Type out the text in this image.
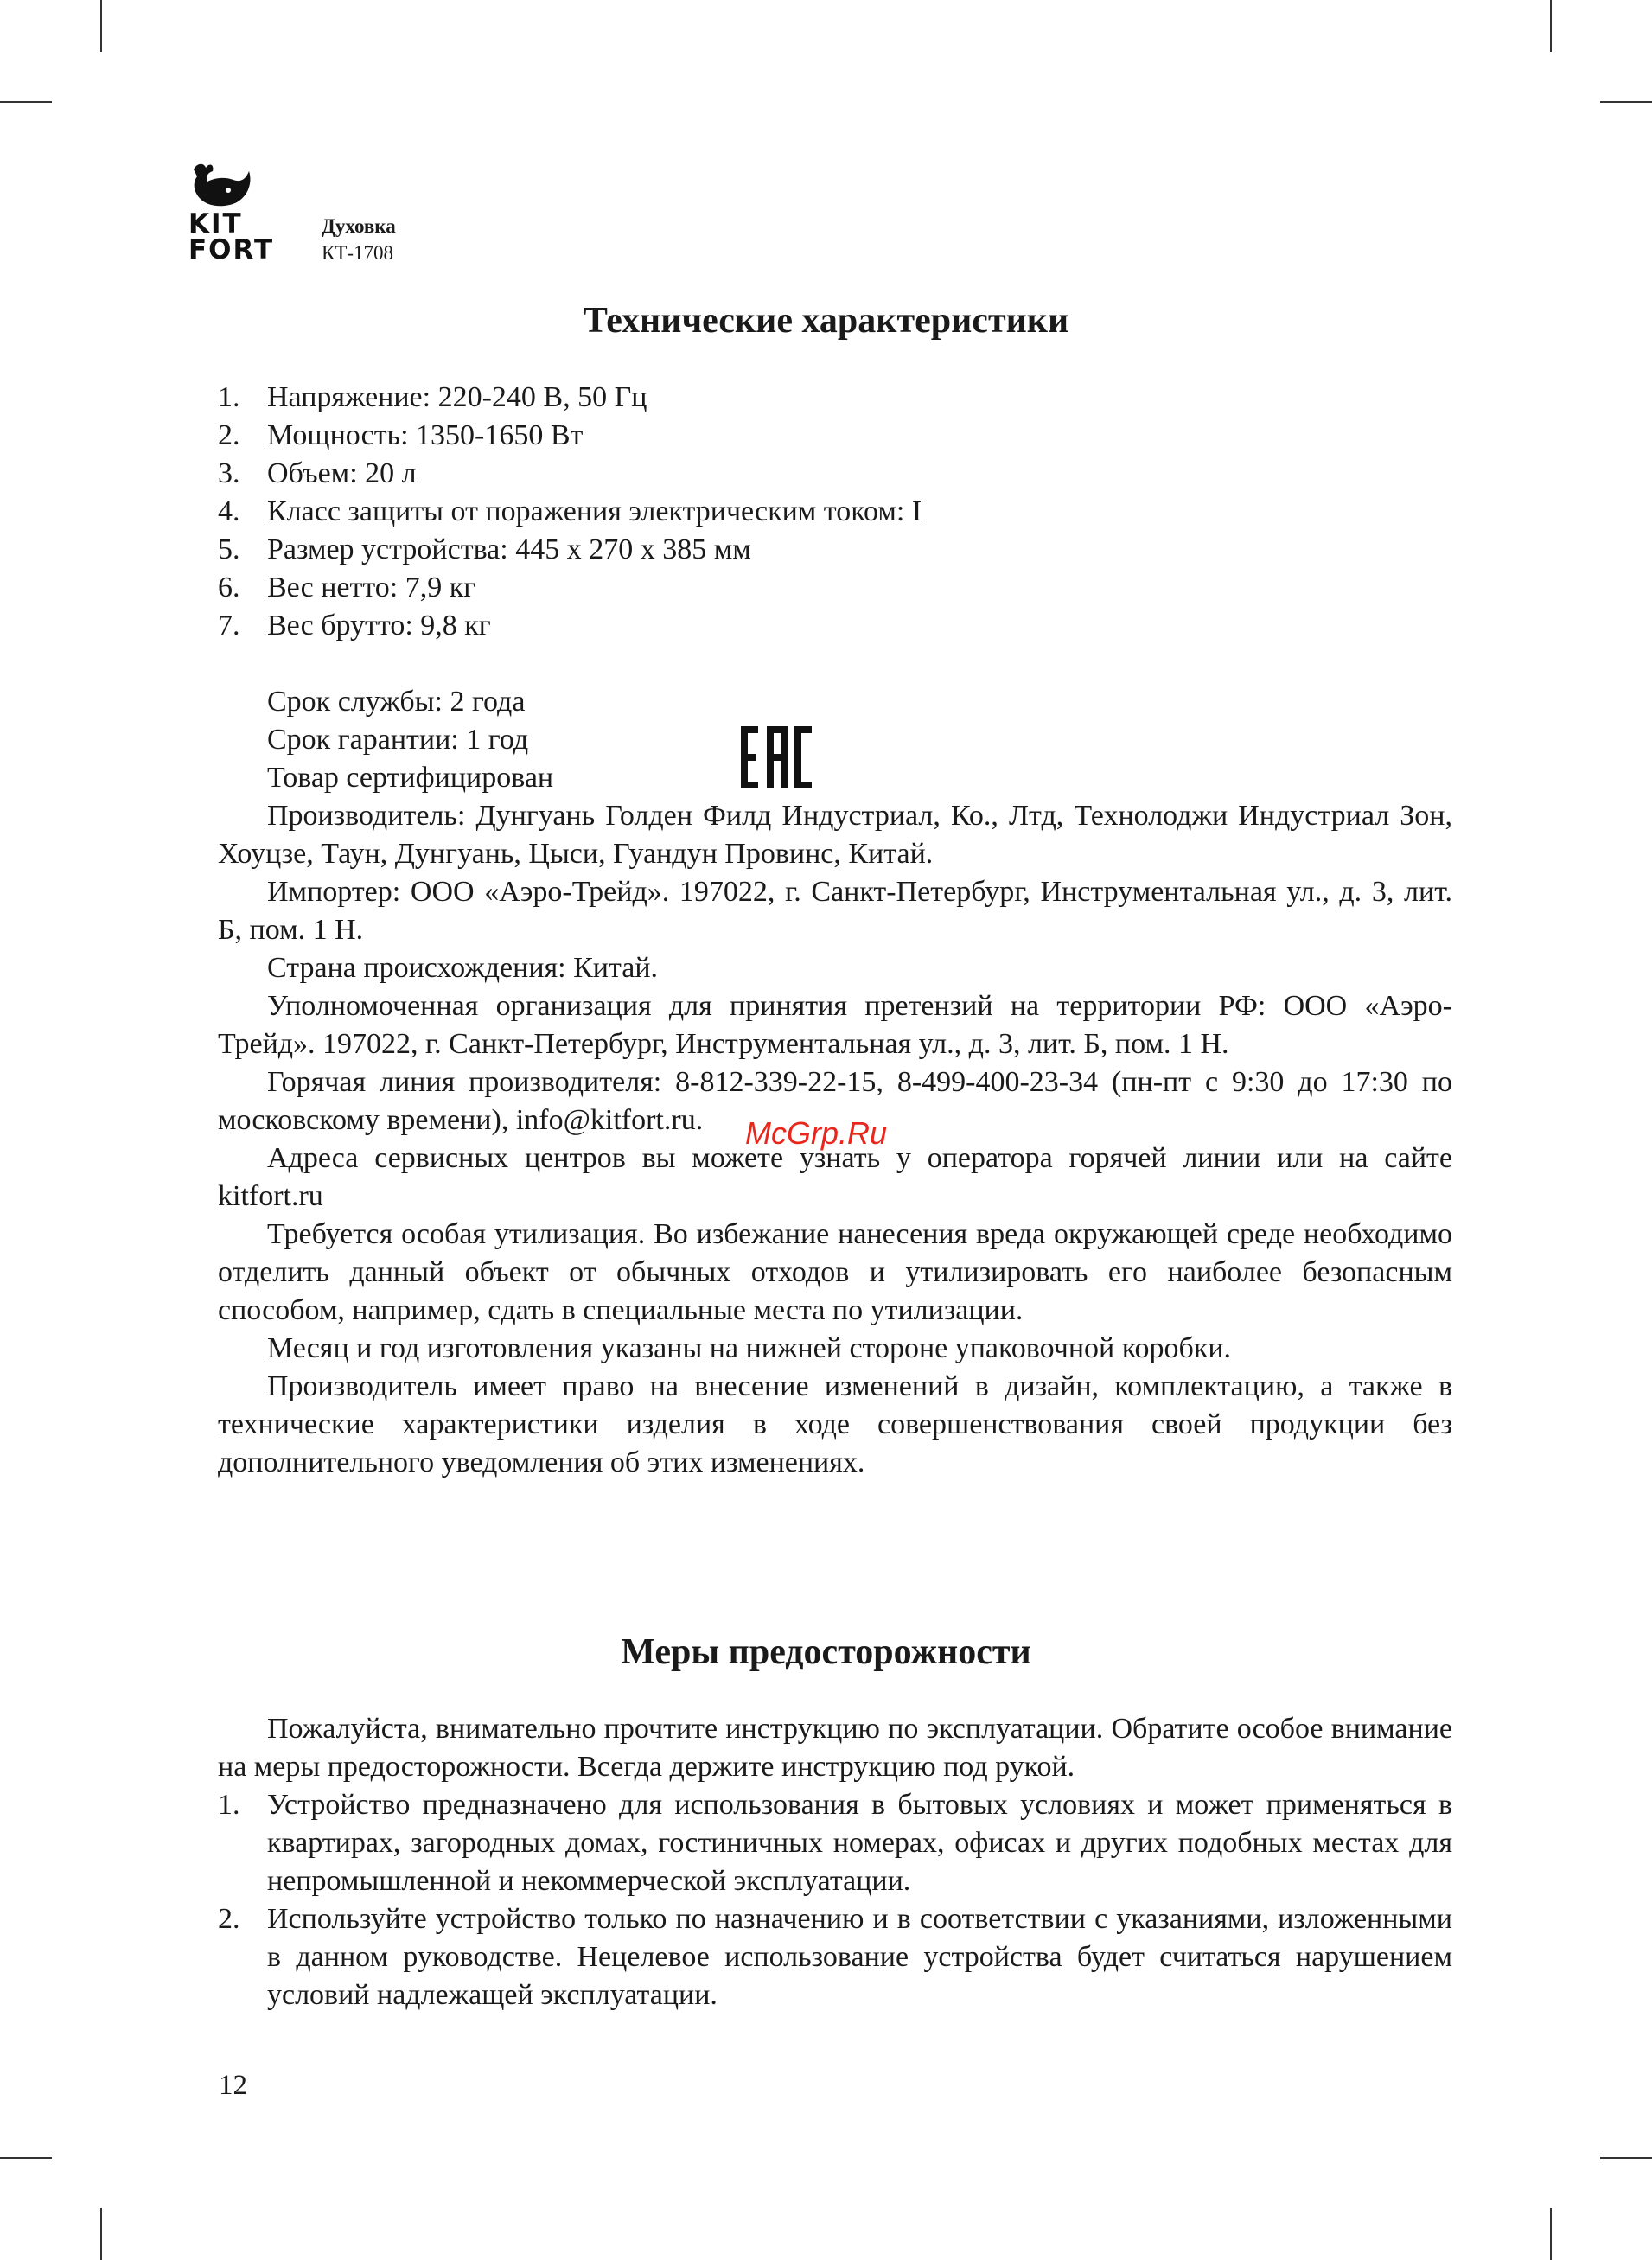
KIT
FORT
Духовка
КТ-1708
Технические характеристики
1. Напряжение: 220-240 В, 50 Гц
2. Мощность: 1350-1650 Вт
3. Объем: 20 л
4. Класс защиты от поражения электрическим током: I
5. Размер устройства: 445 x 270 x 385 мм
6. Вес нетто: 7,9 кг
7. Вес брутто: 9,8 кг
Срок службы: 2 года
Срок гарантии: 1 год
Товар сертифицирован
Производитель: Дунгуань Голден Филд Индустриал, Ко., Лтд, Технолоджи Индустриал Зон, Хоуцзе, Таун, Дунгуань, Цыси, Гуандун Провинс, Китай.
Импортер: ООО «Аэро-Трейд». 197022, г. Санкт-Петербург, Инструментальная ул., д. 3, лит. Б, пом. 1 Н.
Страна происхождения: Китай.
Уполномоченная организация для принятия претензий на территории РФ: ООО «Аэро-Трейд». 197022, г. Санкт-Петербург, Инструментальная ул., д. 3, лит. Б, пом. 1 Н.
Горячая линия производителя: 8-812-339-22-15, 8-499-400-23-34 (пн-пт с 9:30 до 17:30 по московскому времени), info@kitfort.ru.
Адреса сервисных центров вы можете узнать у оператора горячей линии или на сайте kitfort.ru
Требуется особая утилизация. Во избежание нанесения вреда окружающей среде необходимо отделить данный объект от обычных отходов и утилизировать его наиболее безопасным способом, например, сдать в специальные места по утилизации.
Месяц и год изготовления указаны на нижней стороне упаковочной коробки.
Производитель имеет право на внесение изменений в дизайн, комплектацию, а также в технические характеристики изделия в ходе совершенствования своей продукции без дополнительного уведомления об этих изменениях.
McGrp.Ru
Меры предосторожности
Пожалуйста, внимательно прочтите инструкцию по эксплуатации. Обратите особое внимание на меры предосторожности. Всегда держите инструкцию под рукой.
1. Устройство предназначено для использования в бытовых условиях и может применяться в квартирах, загородных домах, гостиничных номерах, офисах и других подобных местах для непромышленной и некоммерческой эксплуатации.
2. Используйте устройство только по назначению и в соответствии с указаниями, изложенными в данном руководстве. Нецелевое использование устройства будет считаться нарушением условий надлежащей эксплуатации.
12
